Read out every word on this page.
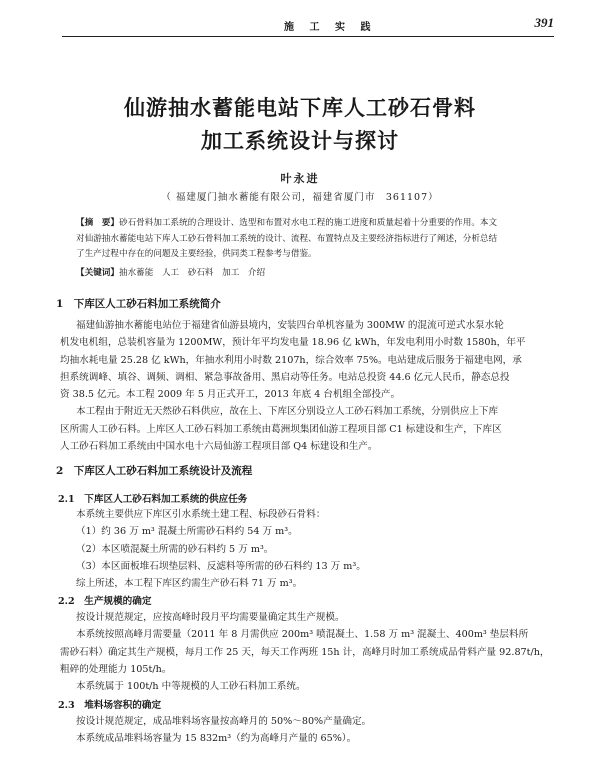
施 工 实 践	391
仙游抽水蓄能电站下库人工砂石骨料
加工系统设计与探讨
叶永进
（ 福建厦门抽水蓄能有限公司，福建省厦门市　361107）

【摘　要】砂石骨料加工系统的合理设计、选型和布置对水电工程的施工进度和质量起着十分重要的作用。本文

对仙游抽水蓄能电站下库人工砂石骨料加工系统的设计、流程、布置特点及主要经济指标进行了阐述，分析总结

了生产过程中存在的问题及主要经验，供同类工程参考与借鉴。

【关键词】抽水蓄能　人工　砂石料　加工　介绍
1　下库区人工砂石料加工系统简介

福建仙游抽水蓄能电站位于福建省仙游县境内，安装四台单机容量为 300MW 的混流可逆式水泵水轮

机发电机组，总装机容量为 1200MW，预计年平均发电量 18.96 亿 kWh，年发电利用小时数 1580h，年平

均抽水耗电量 25.28 亿 kWh，年抽水利用小时数 2107h，综合效率 75%。电站建成后服务于福建电网，承

担系统调峰、填谷、调频、调相、紧急事故备用、黑启动等任务。电站总投资 44.6 亿元人民币，静态总投

资 38.5 亿元。本工程 2009 年 5 月正式开工，2013 年底 4 台机组全部投产。

本工程由于附近无天然砂石料供应，故在上、下库区分别设立人工砂石料加工系统，分别供应上下库

区所需人工砂石料。上库区人工砂石料加工系统由葛洲坝集团仙游工程项目部 C1 标建设和生产，下库区

人工砂石料加工系统由中国水电十六局仙游工程项目部 Q4 标建设和生产。

2　下库区人工砂石料加工系统设计及流程
2.1　下库区人工砂石料加工系统的供应任务

本系统主要供应下库区引水系统土建工程、标段砂石骨料：

（1）约 36 万 m³ 混凝土所需砂石料约 54 万 m³。

（2）本区喷混凝土所需的砂石料约 5 万 m³。

（3）本区面板堆石坝垫层料、反滤料等所需的砂石料约 13 万 m³。

综上所述，本工程下库区约需生产砂石料 71 万 m³。

2.2　生产规模的确定

按设计规范规定，应按高峰时段月平均需要量确定其生产规模。

本系统按照高峰月需要量（2011 年 8 月需供应 200m³ 喷混凝土、1.58 万 m³ 混凝土、400m³ 垫层料所

需砂石料）确定其生产规模，每月工作 25 天，每天工作两班 15h 计，高峰月时加工系统成品骨料产量 92.87t/h，

粗碎的处理能力 105t/h。

本系统属于 100t/h 中等规模的人工砂石料加工系统。

2.3　堆料场容积的确定

按设计规范规定，成品堆料场容量按高峰月的 50%～80%产量确定。

本系统成品堆料场容量为 15 832m³（约为高峰月产量的 65%）。
